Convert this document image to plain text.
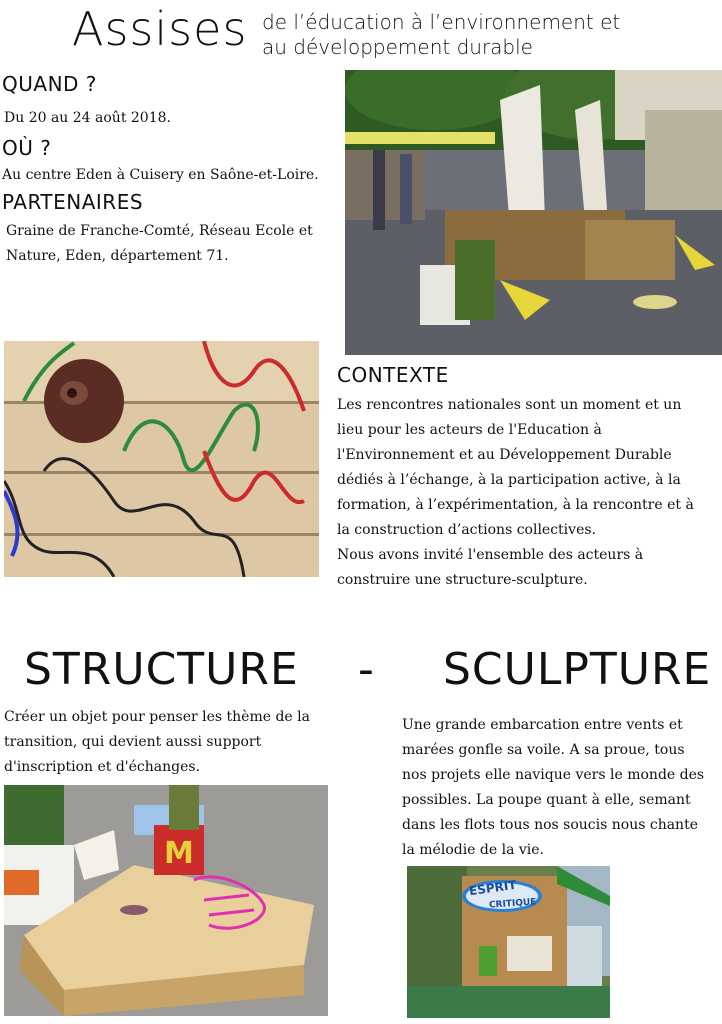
Assises de l’éducation à l’environnement et
au développement durable
QUAND ?
Du 20 au 24 août 2018.
OÙ ?
Au centre Eden à Cuisery en Saône-et-Loire.
PARTENAIRES
Graine de Franche-Comté, Réseau Ecole et
Nature, Eden, département 71.
CONTEXTE
Les rencontres nationales sont un moment et un
lieu pour les acteurs de l'Education à
l'Environnement et au Développement Durable
dédiés à l’échange, à la participation active, à la
formation, à l’expérimentation, à la rencontre et à
la construction d’actions collectives.
Nous avons invité l'ensemble des acteurs à
construire une structure-sculpture.
STRUCTURE - SCULPTURE
Créer un objet pour penser les thème de la
transition, qui devient aussi support
d'inscription et d'échanges.
Une grande embarcation entre vents et
marées gonfle sa voile. A sa proue, tous
nos projets elle navique vers le monde des
possibles. La poupe quant à elle, semant
dans les flots tous nos soucis nous chante
la mélodie de la vie.
M
ESPRIT
CRITIQUE
